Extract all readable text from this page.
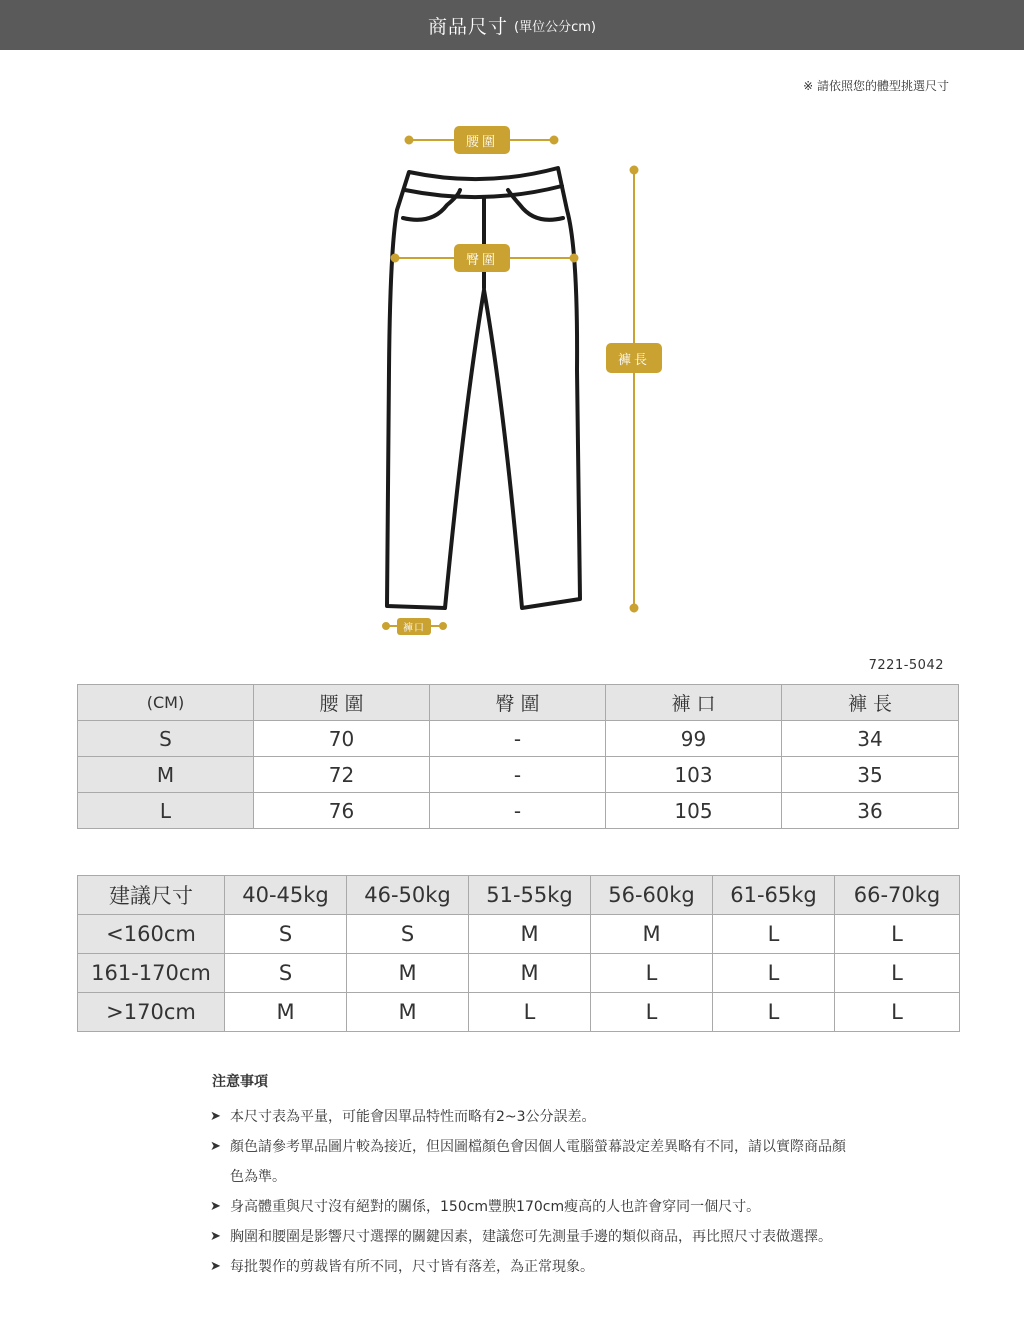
商品尺寸 (單位公分cm)
※ 請依照您的體型挑選尺寸
腰圍
臀圍
褲口
褲長
7221-5042
(CM)	腰 圍	臀 圍	褲 口	褲 長
S	70	-	99	34
M	72	-	103	35
L	76	-	105	36
建議尺寸	40-45kg	46-50kg	51-55kg	56-60kg	61-65kg	66-70kg
<160cm	S	S	M	M	L	L
161-170cm	S	M	M	L	L	L
>170cm	M	M	L	L	L	L
注意事項
➤ 本尺寸表為平量，可能會因單品特性而略有2~3公分誤差。
➤ 顏色請參考單品圖片較為接近，但因圖檔顏色會因個人電腦螢幕設定差異略有不同，請以實際商品顏色為準。
➤ 身高體重與尺寸沒有絕對的關係，150cm豐腴170cm瘦高的人也許會穿同一個尺寸。
➤ 胸圍和腰圍是影響尺寸選擇的關鍵因素，建議您可先測量手邊的類似商品，再比照尺寸表做選擇。
➤ 每批製作的剪裁皆有所不同，尺寸皆有落差，為正常現象。
